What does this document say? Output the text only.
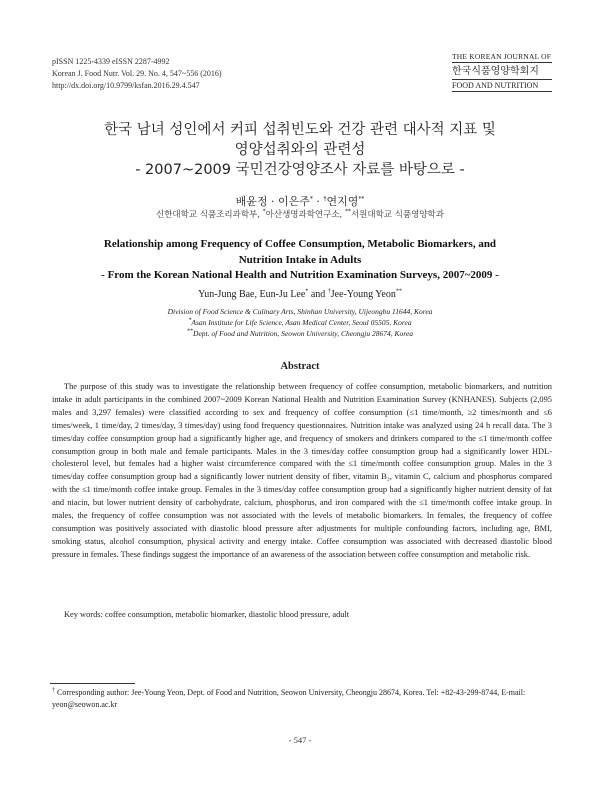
pISSN 1225-4339 eISSN 2287-4992
Korean J. Food Nutr. Vol. 29. No. 4, 547~556 (2016)
http://dx.doi.org/10.9799/ksfan.2016.29.4.547
THE KOREAN JOURNAL OF
한국식품영양학회지
FOOD AND NUTRITION
한국 남녀 성인에서 커피 섭취빈도와 건강 관련 대사적 지표 및
영양섭취와의 관련성
- 2007~2009 국민건강영양조사 자료를 바탕으로 -
배윤정 · 이은주* · †연지영**
신한대학교 식품조리과학부, *아산생명과학연구소, **서원대학교 식품영양학과
Relationship among Frequency of Coffee Consumption, Metabolic Biomarkers, and
Nutrition Intake in Adults
- From the Korean National Health and Nutrition Examination Surveys, 2007~2009 -
Yun-Jung Bae, Eun-Ju Lee* and †Jee-Young Yeon**
Division of Food Science & Culinary Arts, Shinhan University, Uijeongbu 11644, Korea
*Asan Institute for Life Science, Asan Medical Center, Seoul 05505, Korea
**Dept. of Food and Nutrition, Seowon University, Cheongju 28674, Korea
Abstract
The purpose of this study was to investigate the relationship between frequency of coffee consumption, metabolic biomarkers, and nutrition intake in adult participants in the combined 2007~2009 Korean National Health and Nutrition Examination Survey (KNHANES). Subjects (2,095 males and 3,297 females) were classified according to sex and frequency of coffee consumption (≤1 time/month, ≥2 times/month and ≤6 times/week, 1 time/day, 2 times/day, 3 times/day) using food frequency questionnaires. Nutrition intake was analyzed using 24 h recall data. The 3 times/day coffee consumption group had a significantly higher age, and frequency of smokers and drinkers compared to the ≤1 time/month coffee consumption group in both male and female participants. Males in the 3 times/day coffee consumption group had a significantly lower HDL-cholesterol level, but females had a higher waist circumference compared with the ≤1 time/month coffee consumption group. Males in the 3 times/day coffee consumption group had a significantly lower nutrient density of fiber, vitamin B₂, vitamin C, calcium and phosphorus compared with the ≤1 time/month coffee intake group. Females in the 3 times/day coffee consumption group had a significantly higher nutrient density of fat and niacin, but lower nutrient density of carbohydrate, calcium, phosphorus, and iron compared with the ≤1 time/month coffee intake group. In males, the frequency of coffee consumption was not associated with the levels of metabolic biomarkers. In females, the frequency of coffee consumption was positively associated with diastolic blood pressure after adjustments for multiple confounding factors, including age, BMI, smoking status, alcohol consumption, physical activity and energy intake. Coffee consumption was associated with decreased diastolic blood pressure in females. These findings suggest the importance of an awareness of the association between coffee consumption and metabolic risk.
Key words: coffee consumption, metabolic biomarker, diastolic blood pressure, adult
† Corresponding author: Jee-Young Yeon, Dept. of Food and Nutrition, Seowon University, Cheongju 28674, Korea. Tel: +82-43-299-8744, E-mail: yeon@seowon.ac.kr
- 547 -
